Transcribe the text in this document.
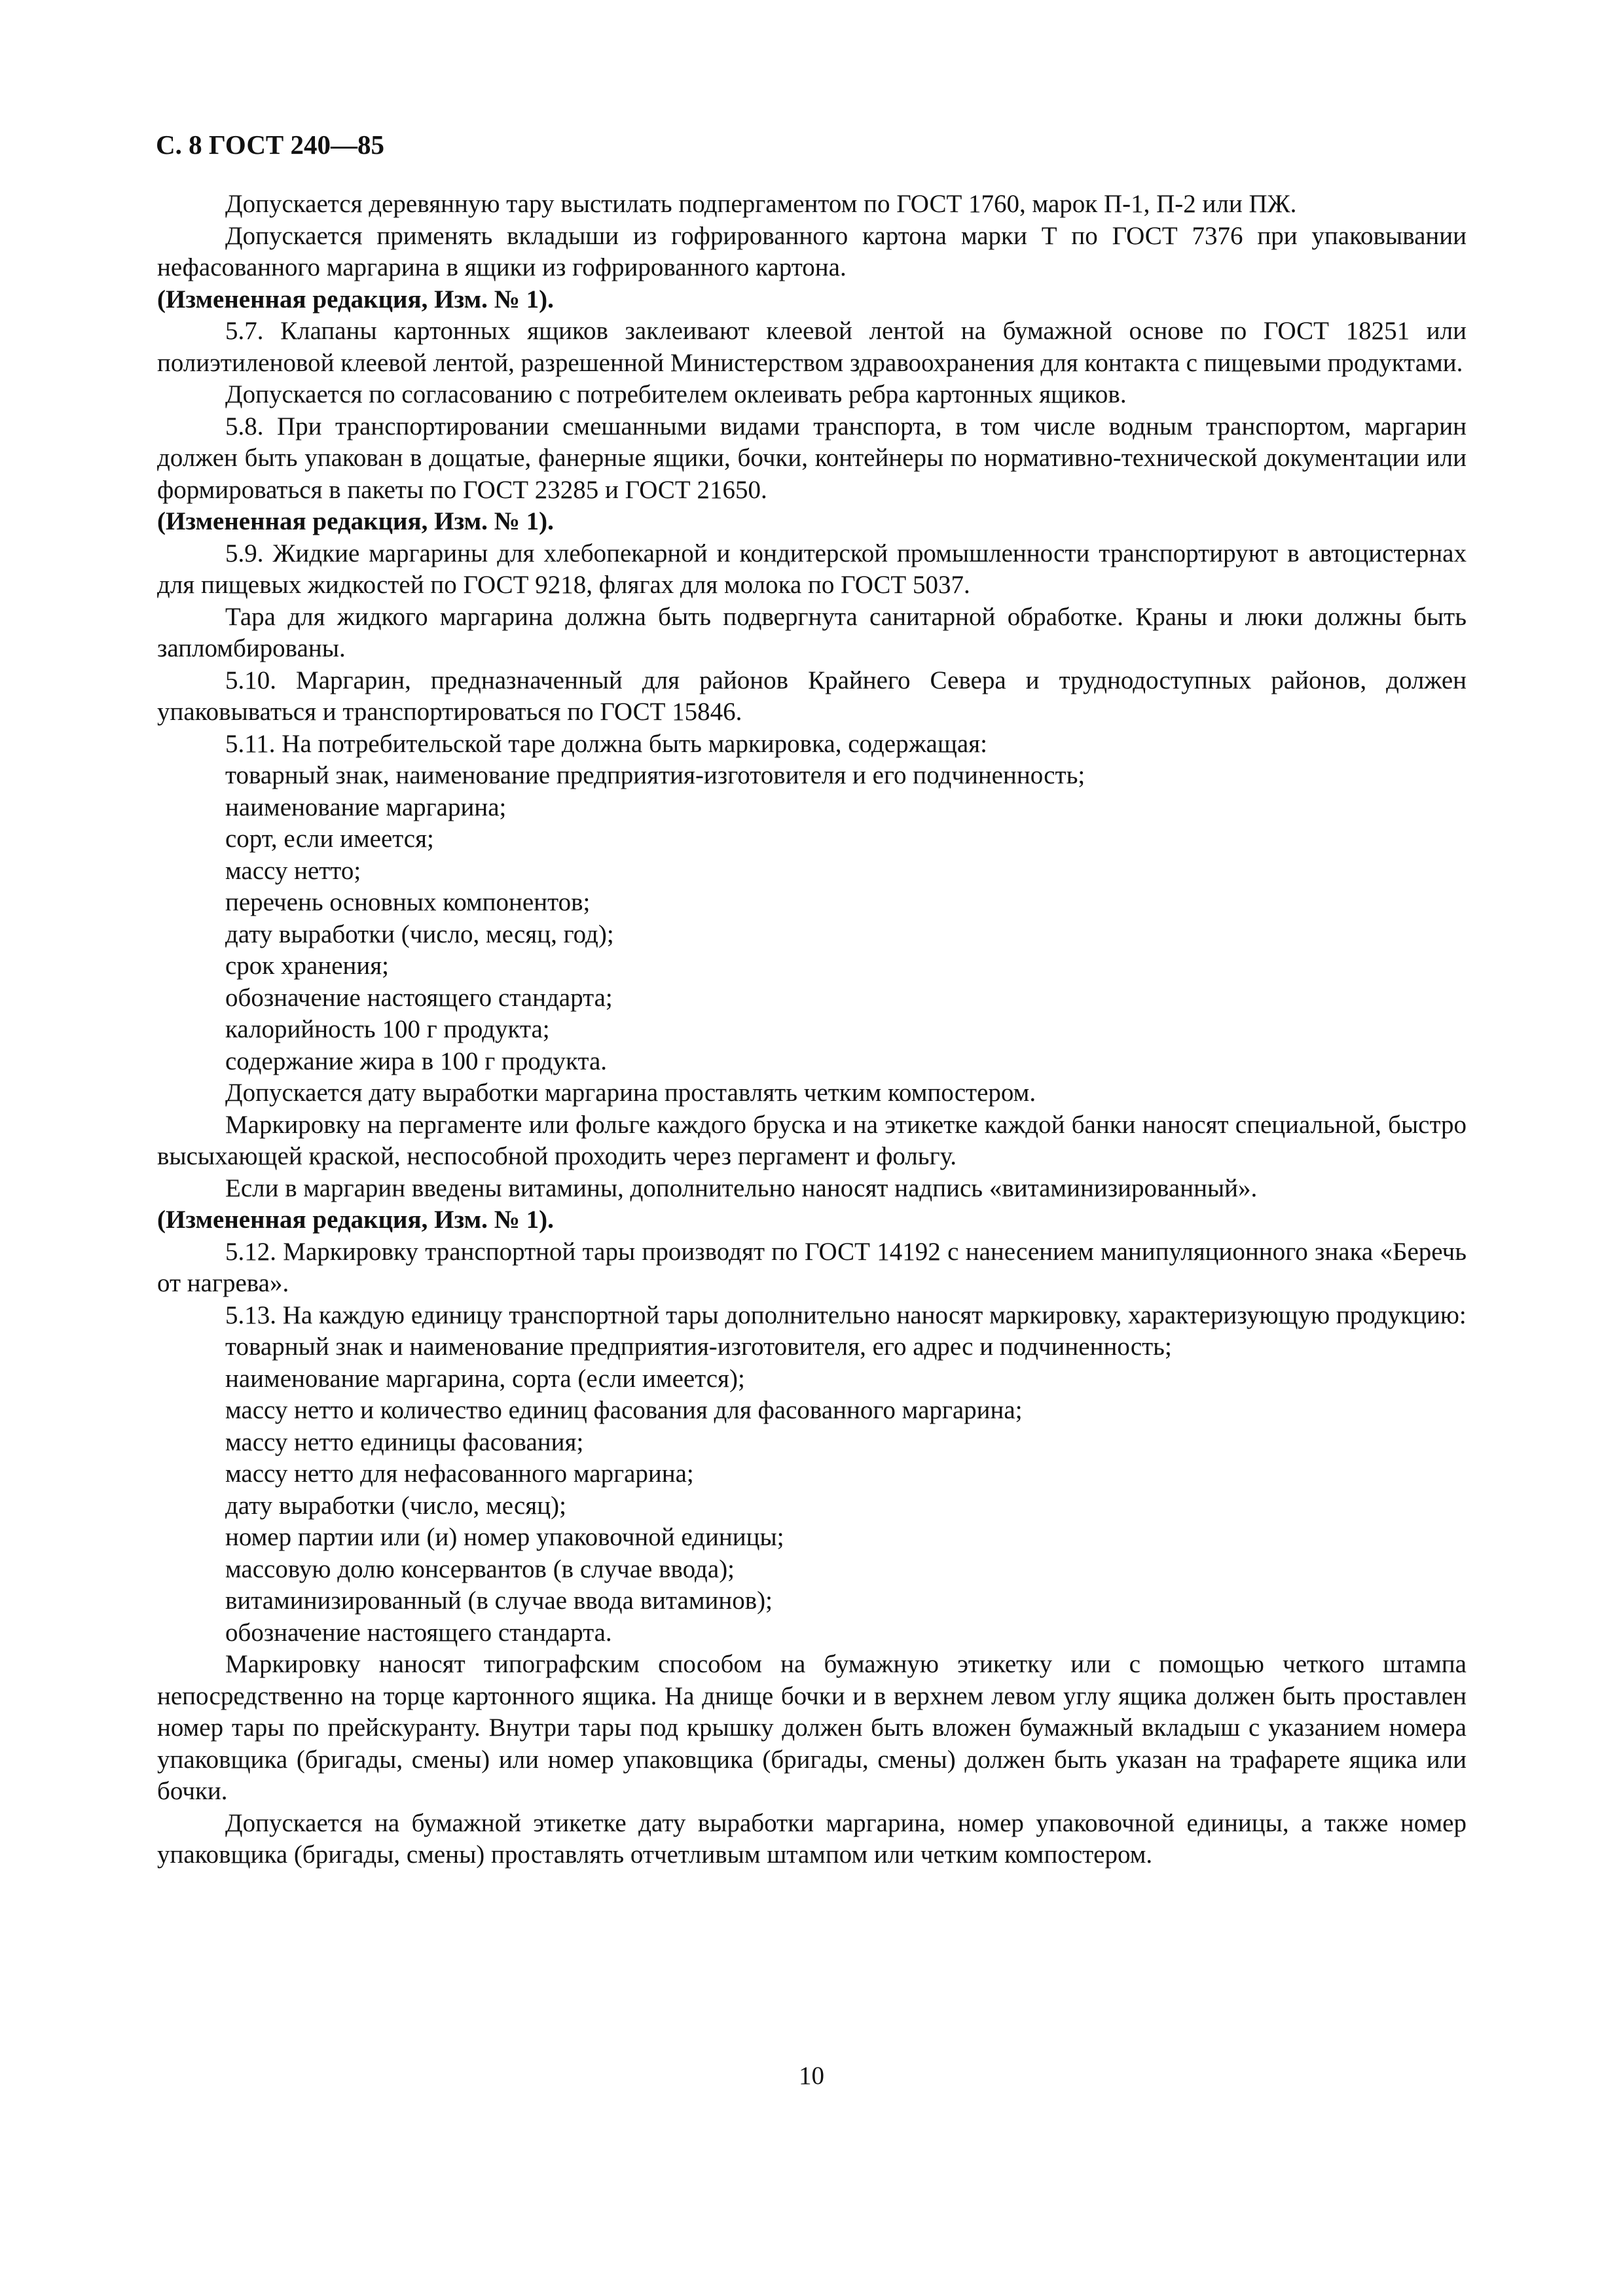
С. 8 ГОСТ 240—85

Допускается деревянную тару выстилать подпергаментом по ГОСТ 1760, марок П-1, П-2 или ПЖ.

Допускается применять вкладыши из гофрированного картона марки Т по ГОСТ 7376 при упаковывании нефасованного маргарина в ящики из гофрированного картона.

(Измененная редакция, Изм. № 1).

5.7. Клапаны картонных ящиков заклеивают клеевой лентой на бумажной основе по ГОСТ 18251 или полиэтиленовой клеевой лентой, разрешенной Министерством здравоохранения для контакта с пищевыми продуктами.

Допускается по согласованию с потребителем оклеивать ребра картонных ящиков.

5.8. При транспортировании смешанными видами транспорта, в том числе водным транспортом, маргарин должен быть упакован в дощатые, фанерные ящики, бочки, контейнеры по нормативно-технической документации или формироваться в пакеты по ГОСТ 23285 и ГОСТ 21650.

(Измененная редакция, Изм. № 1).

5.9. Жидкие маргарины для хлебопекарной и кондитерской промышленности транспортируют в автоцистернах для пищевых жидкостей по ГОСТ 9218, флягах для молока по ГОСТ 5037.

Тара для жидкого маргарина должна быть подвергнута санитарной обработке. Краны и люки должны быть запломбированы.

5.10. Маргарин, предназначенный для районов Крайнего Севера и труднодоступных районов, должен упаковываться и транспортироваться по ГОСТ 15846.

5.11. На потребительской таре должна быть маркировка, содержащая:

товарный знак, наименование предприятия-изготовителя и его подчиненность;

наименование маргарина;

сорт, если имеется;

массу нетто;

перечень основных компонентов;

дату выработки (число, месяц, год);

срок хранения;

обозначение настоящего стандарта;

калорийность 100 г продукта;

содержание жира в 100 г продукта.

Допускается дату выработки маргарина проставлять четким компостером.

Маркировку на пергаменте или фольге каждого бруска и на этикетке каждой банки наносят специальной, быстро высыхающей краской, неспособной проходить через пергамент и фольгу.

Если в маргарин введены витамины, дополнительно наносят надпись «витаминизированный».

(Измененная редакция, Изм. № 1).

5.12. Маркировку транспортной тары производят по ГОСТ 14192 с нанесением манипуляционного знака «Беречь от нагрева».

5.13. На каждую единицу транспортной тары дополнительно наносят маркировку, характеризующую продукцию:

товарный знак и наименование предприятия-изготовителя, его адрес и подчиненность;

наименование маргарина, сорта (если имеется);

массу нетто и количество единиц фасования для фасованного маргарина;

массу нетто единицы фасования;

массу нетто для нефасованного маргарина;

дату выработки (число, месяц);

номер партии или (и) номер упаковочной единицы;

массовую долю консервантов (в случае ввода);

витаминизированный (в случае ввода витаминов);

обозначение настоящего стандарта.

Маркировку наносят типографским способом на бумажную этикетку или с помощью четкого штампа непосредственно на торце картонного ящика. На днище бочки и в верхнем левом углу ящика должен быть проставлен номер тары по прейскуранту. Внутри тары под крышку должен быть вложен бумажный вкладыш с указанием номера упаковщика (бригады, смены) или номер упаковщика (бригады, смены) должен быть указан на трафарете ящика или бочки.

Допускается на бумажной этикетке дату выработки маргарина, номер упаковочной единицы, а также номер упаковщика (бригады, смены) проставлять отчетливым штампом или четким компостером.

10
